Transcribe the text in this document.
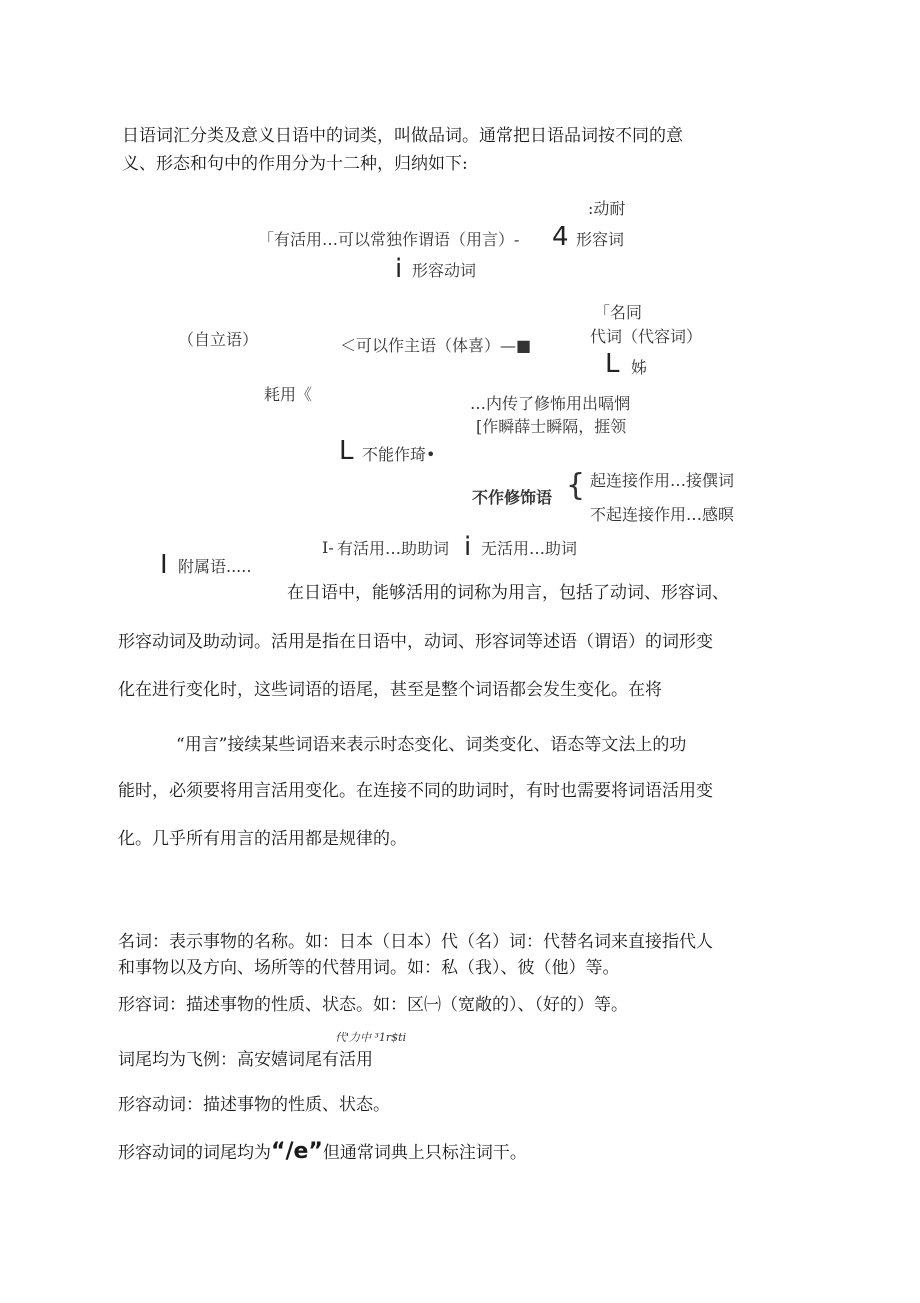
日语词汇分类及意义日语中的词类，叫做品词。通常把日语品词按不同的意
义、形态和句中的作用分为十二种，归纳如下:
:动耐
「有活用…可以常独作谓语（用言）- 4 形容词
i 形容动词
「名同
代词（代容词）
（自立语）	＜可以作主语（体喜）—■
L 姊
耗用《	…内传了修怖用出嗝惘
[作瞬薛士瞬隔，捱领
L 不能作琦•
不作修饰语 { 起连接作用…接僎词
不起连接作用…感暝
I
I- 有活用…助助词 i 无活用…助词
附属语.....
在日语中，能够活用的词称为用言，包括了动词、形容词、
形容动词及助动词。活用是指在日语中，动词、形容词等述语（谓语）的词形变
化在进行变化时，这些词语的语尾，甚至是整个词语都会发生变化。在将
“用言”接续某些词语来表示时态变化、词类变化、语态等文法上的功
能时，必须要将用言活用变化。在连接不同的助词时，有时也需要将词语活用变
化。几乎所有用言的活用都是规律的。
名词：表示事物的名称。如：日本（日本）代（名）词：代替名词来直接指代人
和事物以及方向、场所等的代替用词。如：私（我）、彼（他）等。
形容词：描述事物的性质、状态。如：区㈠（宽敞的）、（好的）等。
代'力中 ³1r$ti
词尾均为飞例：高安嬉词尾有活用
形容动词：描述事物的性质、状态。
形容动词的词尾均为“/e”但通常词典上只标注词干。
